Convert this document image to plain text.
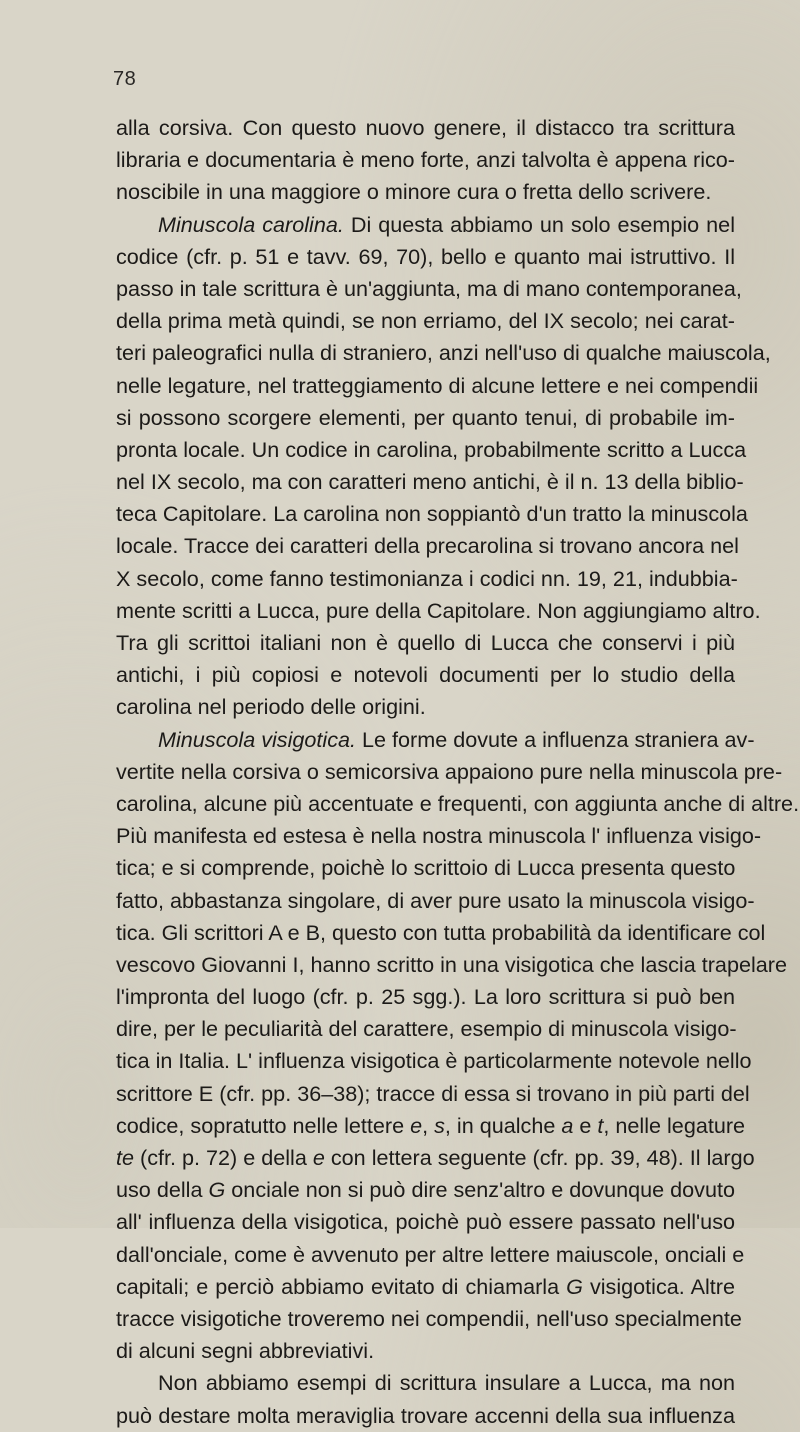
78
alla corsiva. Con questo nuovo genere, il distacco tra scrittura
libraria e documentaria è meno forte, anzi talvolta è appena rico-
noscibile in una maggiore o minore cura o fretta dello scrivere.
Minuscola carolina. Di questa abbiamo un solo esempio nel
codice (cfr. p. 51 e tavv. 69, 70), bello e quanto mai istruttivo. Il
passo in tale scrittura è un'aggiunta, ma di mano contemporanea,
della prima metà quindi, se non erriamo, del IX secolo; nei carat-
teri paleografici nulla di straniero, anzi nell'uso di qualche maiuscola,
nelle legature, nel tratteggiamento di alcune lettere e nei compendii
si possono scorgere elementi, per quanto tenui, di probabile im-
pronta locale. Un codice in carolina, probabilmente scritto a Lucca
nel IX secolo, ma con caratteri meno antichi, è il n. 13 della biblio-
teca Capitolare. La carolina non soppiantò d'un tratto la minuscola
locale. Tracce dei caratteri della precarolina si trovano ancora nel
X secolo, come fanno testimonianza i codici nn. 19, 21, indubbia-
mente scritti a Lucca, pure della Capitolare. Non aggiungiamo altro.
Tra gli scrittoi italiani non è quello di Lucca che conservi i più
antichi, i più copiosi e notevoli documenti per lo studio della
carolina nel periodo delle origini.
Minuscola visigotica. Le forme dovute a influenza straniera av-
vertite nella corsiva o semicorsiva appaiono pure nella minuscola pre-
carolina, alcune più accentuate e frequenti, con aggiunta anche di altre.
Più manifesta ed estesa è nella nostra minuscola l' influenza visigo-
tica; e si comprende, poichè lo scrittoio di Lucca presenta questo
fatto, abbastanza singolare, di aver pure usato la minuscola visigo-
tica. Gli scrittori A e B, questo con tutta probabilità da identificare col
vescovo Giovanni I, hanno scritto in una visigotica che lascia trapelare
l'impronta del luogo (cfr. p. 25 sgg.). La loro scrittura si può ben
dire, per le peculiarità del carattere, esempio di minuscola visigo-
tica in Italia. L' influenza visigotica è particolarmente notevole nello
scrittore E (cfr. pp. 36–38); tracce di essa si trovano in più parti del
codice, sopratutto nelle lettere e, s, in qualche a e t, nelle legature
te (cfr. p. 72) e della e con lettera seguente (cfr. pp. 39, 48). Il largo
uso della G onciale non si può dire senz'altro e dovunque dovuto
all' influenza della visigotica, poichè può essere passato nell'uso
dall'onciale, come è avvenuto per altre lettere maiuscole, onciali e
capitali; e perciò abbiamo evitato di chiamarla G visigotica. Altre
tracce visigotiche troveremo nei compendii, nell'uso specialmente
di alcuni segni abbreviativi.
Non abbiamo esempi di scrittura insulare a Lucca, ma non
può destare molta meraviglia trovare accenni della sua influenza
